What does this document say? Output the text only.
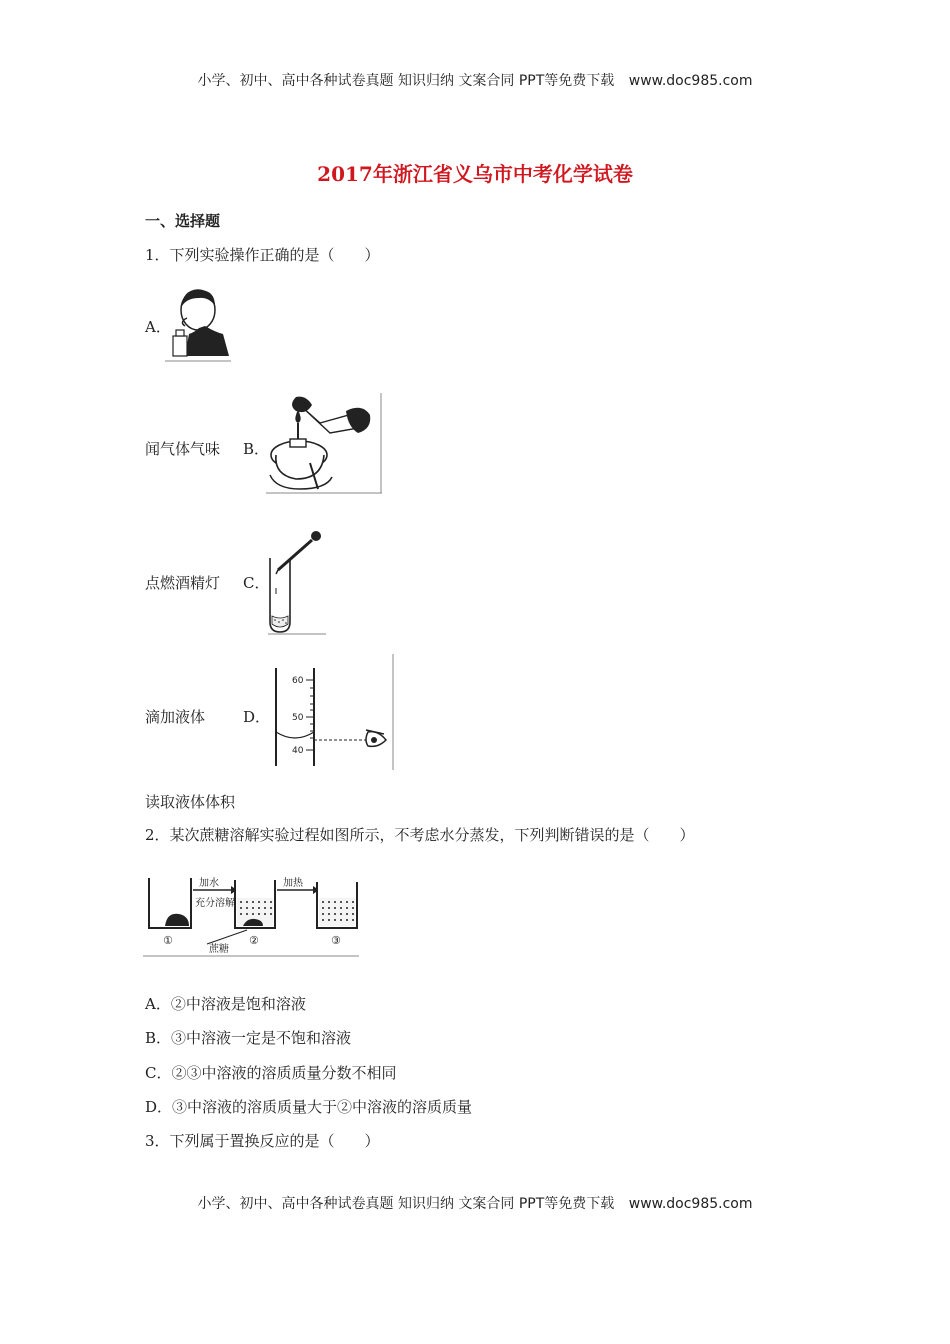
小学、初中、高中各种试卷真题 知识归纳 文案合同 PPT等免费下载 www.doc985.com
2017年浙江省义乌市中考化学试卷
一、选择题
1．下列实验操作正确的是（　　）
A．
闻气体气味 B．
点燃酒精灯 C．
滴加液体	D．
60
50
40
读取液体体积
2．某次蔗糖溶解实验过程如图所示，不考虑水分蒸发，下列判断错误的是（　　）
加水
充分溶解
加热
①
蔗糖
②	③
A．②中溶液是饱和溶液
B．③中溶液一定是不饱和溶液
C．②③中溶液的溶质质量分数不相同
D．③中溶液的溶质质量大于②中溶液的溶质质量
3．下列属于置换反应的是（　　）
小学、初中、高中各种试卷真题 知识归纳 文案合同 PPT等免费下载 www.doc985.com
